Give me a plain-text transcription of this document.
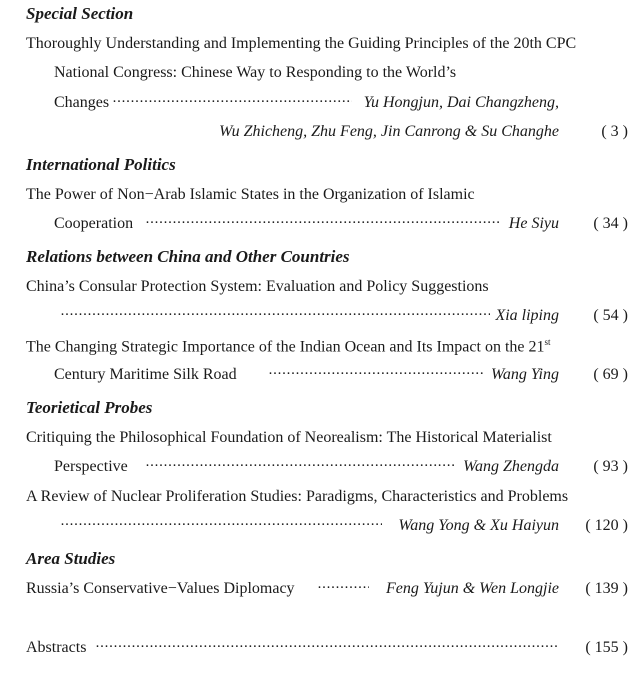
Special Section
Thoroughly Understanding and Implementing the Guiding Principles of the 20th CPC
National Congress: Chinese Way to Responding to the World’s
Changes ·····	Yu Hongjun, Dai Changzheng,
Wu Zhicheng, Zhu Feng, Jin Canrong & Su Changhe	( 3 )
International Politics
The Power of Non−Arab Islamic States in the Organization of Islamic
Cooperation ·····	He Siyu ( 34 )
Relations between China and Other Countries
China’s Consular Protection System: Evaluation and Policy Suggestions
·····
Xia liping ( 54 )
The Changing Strategic Importance of the Indian Ocean and Its Impact on the 21st
Century Maritime Silk Road ·····	Wang Ying ( 69 )
Teorietical Probes
Critiquing the Philosophical Foundation of Neorealism: The Historical Materialist
Perspective ·····	Wang Zhengda ( 93 )
A Review of Nuclear Proliferation Studies: Paradigms, Characteristics and Problems
·····
Wang Yong & Xu Haiyun ( 120 )
Area Studies
Russia’s Conservative−Values Diplomacy ·····	Feng Yujun & Wen Longjie ( 139 )
Abstracts ·····	( 155 )
